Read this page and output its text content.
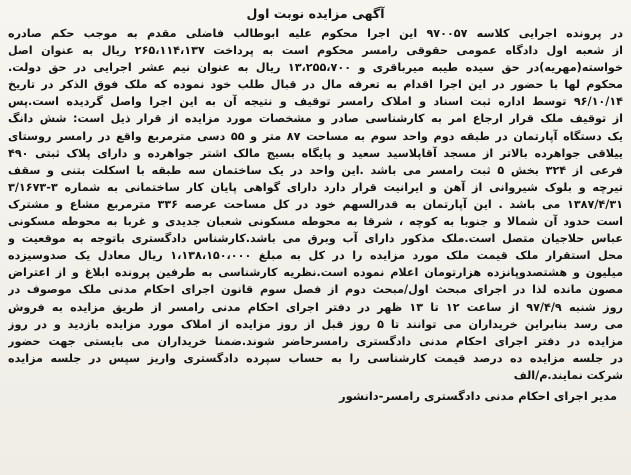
آگهی مزایده نوبت اول
در پرونده اجرایی کلاسه ۹۷۰۰۵۷ این اجرا محکوم علیه ابوطالب فاضلی مقدم به موجب حکم صادره
از شعبه اول دادگاه عمومی حقوقی رامسر محکوم است به پرداخت ۲۶۵،۱۱۴،۱۳۷ ریال به عنوان اصل
خواسته(مهریه)در حق سیده طیبه میرباقری و ۱۳،۲۵۵،۷۰۰ ریال به عنوان نیم عشر اجرایی در حق دولت.
محکوم لها با حضور در این اجرا اقدام به تعرفه مال در قبال طلب خود نموده که ملک فوق الذکر در تاریخ
۹۶/۱۰/۱۴ توسط اداره ثبت اسناد و املاک رامسر توقیف و نتیجه آن به این اجرا واصل گردیده است.پس
از توقیف ملک قرار ارجاع امر به کارشناسی صادر و مشخصات مورد مزایده از قرار ذیل است: شش دانگ
یک دستگاه آپارتمان در طبقه دوم واحد سوم به مساحت ۸۷ متر و ۵۵ دسی مترمربع واقع در رامسر روستای
ییلاقی جواهرده بالاتر از مسجد آقاپلاسید سعید و پایگاه بسیج مالک اشتر جواهرده و دارای پلاک ثبتی ۴۹۰
فرعی از ۳۲۴ بخش ۵ ثبت رامسر می باشد .این واحد در یک ساختمان سه طبقه با اسکلت بتنی و سقف
تیرچه و بلوک شیروانی از آهن و ایرانیت قرار دارد دارای گواهی پایان کار ساختمانی به شماره ۳-۳/۱۶۷۳
۱۳۸۷/۴/۳۱ می باشد . این آپارتمان به قدرالسهم خود در کل مساحت عرصه ۳۳۶ مترمربع مشاع و مشترک
است حدود آن شمالا و جنوبا به کوچه ، شرقا به محوطه مسکونی شعبان جدیدی و غربا به محوطه مسکونی
عباس حلاجیان متصل است.ملک مذکور دارای آب وبرق می باشد.کارشناس دادگستری باتوجه به موقعیت و
محل استقرار ملک قیمت ملک مورد مزایده را در کل به مبلغ ۱،۱۳۸،۱۵۰،۰۰۰ ریال معادل یک صدوسیزده
میلیون و هشتصدوپانزده هزارتومان اعلام نموده است.نظریه کارشناسی به طرفین پرونده ابلاغ و از اعتراض
مصون مانده لذا در اجرای مبحث اول/مبحث دوم از فصل سوم قانون اجرای احکام مدنی ملک موصوف در
روز شنبه ۹۷/۴/۹ از ساعت ۱۲ تا ۱۳ ظهر در دفتر اجرای احکام مدنی رامسر از طریق مزایده به فروش
می رسد بنابراین خریداران می توانند تا ۵ روز قبل از روز مزایده از املاک مورد مزایده بازدید و در روز
مزایده در دفتر اجرای احکام مدنی دادگستری رامسرحاضر شوند.ضمنا خریداران می بایستی جهت حضور
در جلسه مزایده ده درصد قیمت کارشناسی را به حساب سپرده دادگستری واریز سپس در جلسه مزایده
شرکت نمایند.م/الف
مدیر اجرای احکام مدنی دادگستری رامسر-دانشور
